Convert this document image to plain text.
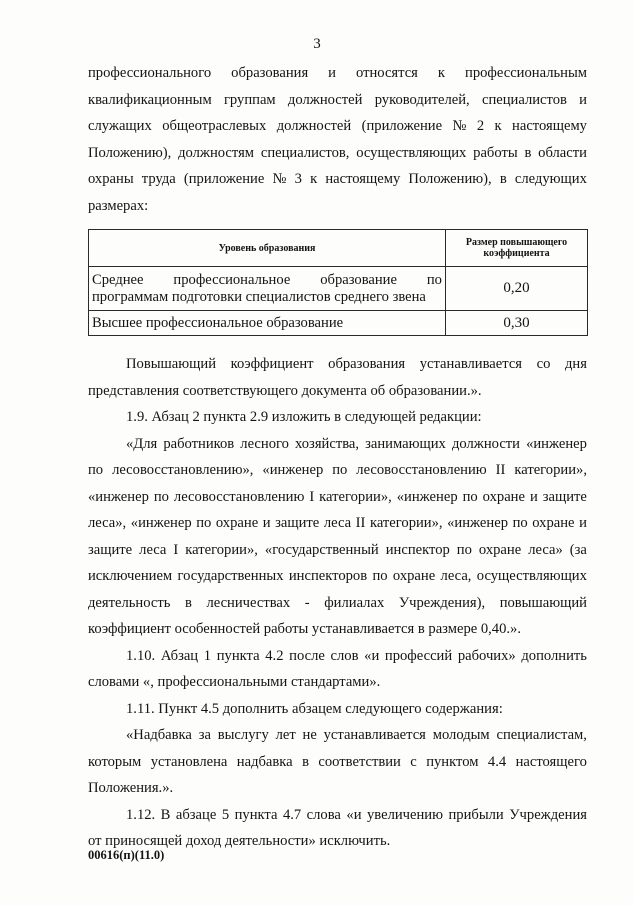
3
профессионального образования и относятся к профессиональным
квалификационным группам должностей руководителей, специалистов и
служащих общеотраслевых должностей (приложение № 2 к настоящему
Положению), должностям специалистов, осуществляющих работы в области
охраны труда (приложение № 3 к настоящему Положению), в следующих
размерах:
Уровень образования	Размер повышающего коэффициента

Среднее профессиональное образование по
программам подготовки специалистов среднего звена	0,20

Высшее профессиональное образование	0,30
Повышающий коэффициент образования устанавливается со дня
представления соответствующего документа об образовании.».
1.9. Абзац 2 пункта 2.9 изложить в следующей редакции:
«Для работников лесного хозяйства, занимающих должности «инженер
по лесовосстановлению», «инженер по лесовосстановлению II категории»,
«инженер по лесовосстановлению I категории», «инженер по охране и защите
леса», «инженер по охране и защите леса II категории», «инженер по охране и
защите леса I категории», «государственный инспектор по охране леса» (за
исключением государственных инспекторов по охране леса, осуществляющих
деятельность в лесничествах - филиалах Учреждения), повышающий
коэффициент особенностей работы устанавливается в размере 0,40.».
1.10. Абзац 1 пункта 4.2 после слов «и профессий рабочих» дополнить
словами «, профессиональными стандартами».
1.11. Пункт 4.5 дополнить абзацем следующего содержания:
«Надбавка за выслугу лет не устанавливается молодым специалистам,
которым установлена надбавка в соответствии с пунктом 4.4 настоящего
Положения.».
1.12. В абзаце 5 пункта 4.7 слова «и увеличению прибыли Учреждения
от приносящей доход деятельности» исключить.
00616(п)(11.0)
